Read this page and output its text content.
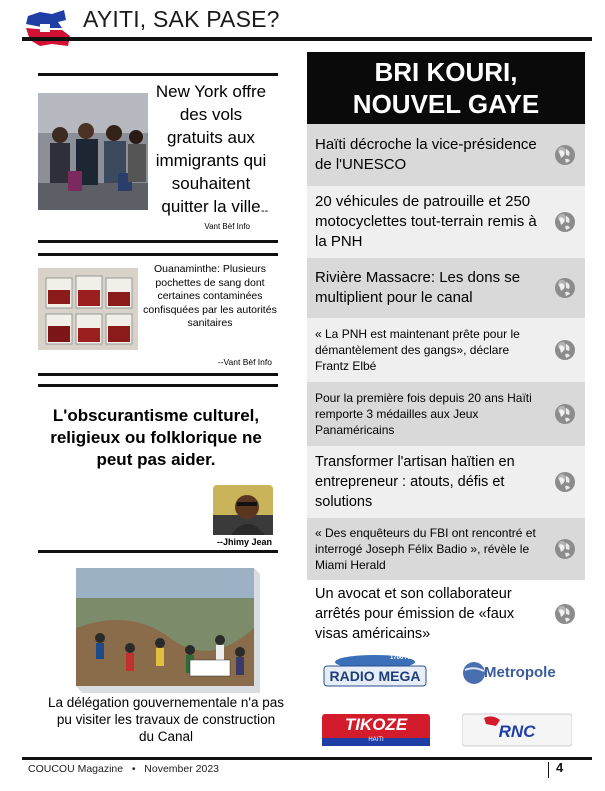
AYITI, SAK PASE?
New York offre des vols gratuits aux immigrants qui souhaitent quitter la ville --
Vant Bèf Info
Ouanaminthe: Plusieurs pochettes de sang dont certaines contaminées confisquées par les autorités sanitaires
--Vant Bèf Info
L'obscurantisme culturel, religieux ou folklorique ne peut pas aider.
--Jhimy Jean
La délégation gouvernementale n'a pas pu visiter les travaux de construction du Canal
BRI KOURI,
NOUVEL GAYE
Haïti décroche la vice-présidence de l'UNESCO
20 véhicules de patrouille et 250 motocyclettes tout-terrain remis à la PNH
Rivière Massacre: Les dons se multiplient pour le canal
« La PNH est maintenant prête pour le démantèlement des gangs», déclare Frantz Elbé
Pour la première fois depuis 20 ans Haïti remporte 3 médailles aux Jeux Panaméricains
Transformer l'artisan haïtien en entrepreneur : atouts, défis et solutions
« Des enquêteurs du FBI ont rencontré et interrogé Joseph Félix Badio », révèle le Miami Herald
Un avocat et son collaborateur arrêtés pour émission de «faux visas américains»
1700 AM
RADIO MEGA	Metropole
TIKOZE
HAITI	RNC
COUCOU Magazine   •   November 2023	4
